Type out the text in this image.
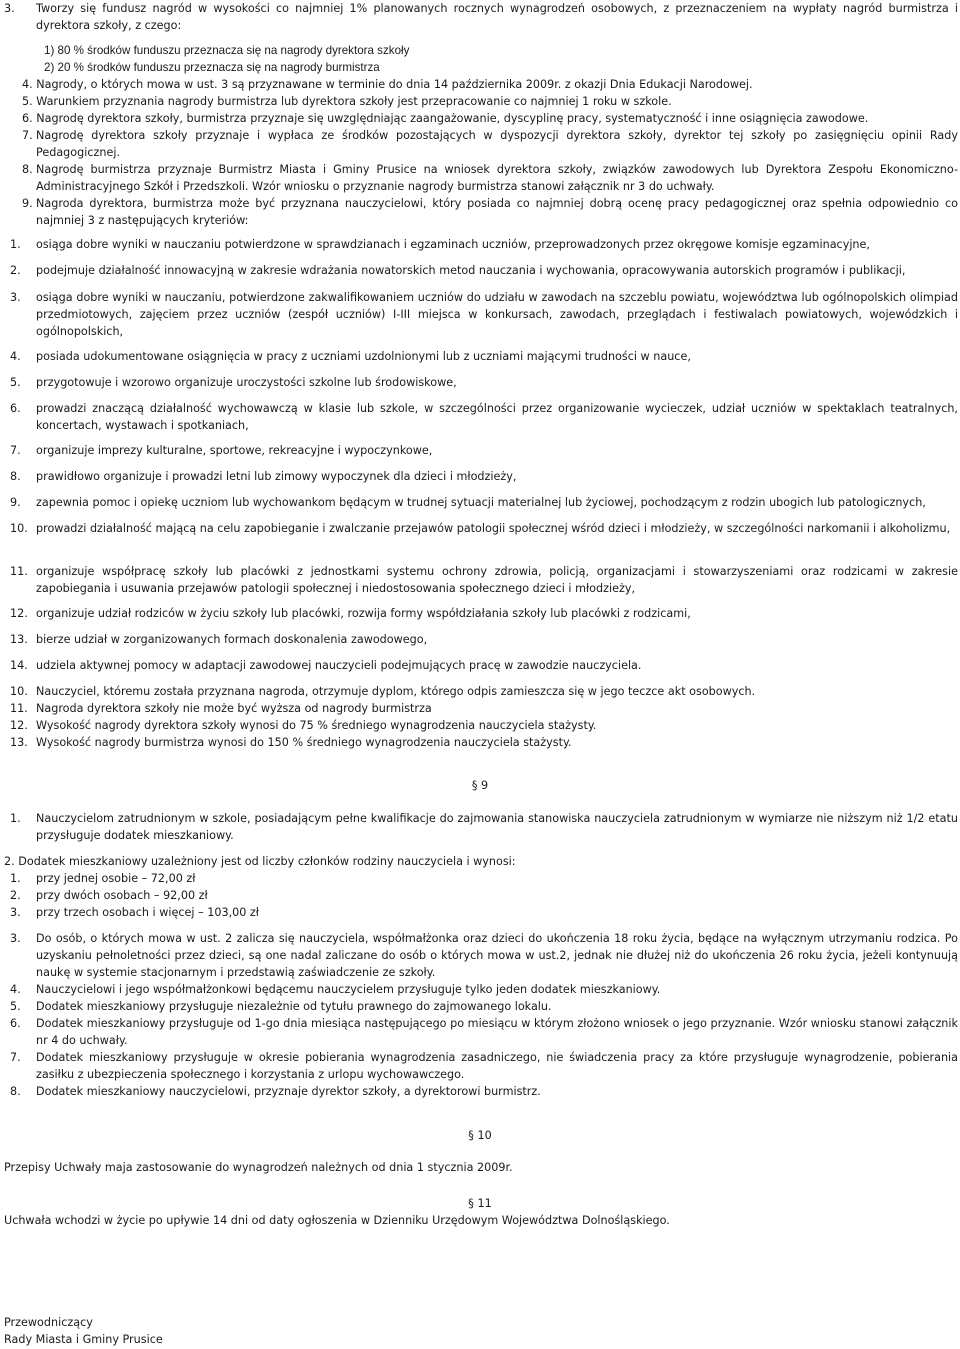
3. Tworzy się fundusz nagród w wysokości co najmniej 1% planowanych rocznych wynagrodzeń osobowych, z przeznaczeniem na wypłaty nagród burmistrza i dyrektora szkoły, z czego:
1) 80 % środków funduszu przeznacza się na nagrody dyrektora szkoły
2) 20 % środków funduszu przeznacza się na nagrody burmistrza
4. Nagrody, o których mowa w ust. 3 są przyznawane w terminie do dnia 14 października 2009r. z okazji Dnia Edukacji Narodowej.
5. Warunkiem przyznania nagrody burmistrza lub dyrektora szkoły jest przepracowanie co najmniej 1 roku w szkole.
6. Nagrodę dyrektora szkoły, burmistrza przyznaje się uwzględniając zaangażowanie, dyscyplinę pracy, systematyczność i inne osiągnięcia zawodowe.
7. Nagrodę dyrektora szkoły przyznaje i wypłaca ze środków pozostających w dyspozycji dyrektora szkoły, dyrektor tej szkoły po zasięgnięciu opinii Rady Pedagogicznej.
8. Nagrodę burmistrza przyznaje Burmistrz Miasta i Gminy Prusice na wniosek dyrektora szkoły, związków zawodowych lub Dyrektora Zespołu Ekonomiczno-Administracyjnego Szkół i Przedszkoli. Wzór wniosku o przyznanie nagrody burmistrza stanowi załącznik nr 3 do uchwały.
9. Nagroda dyrektora, burmistrza może być przyznana nauczycielowi, który posiada co najmniej dobrą ocenę pracy pedagogicznej oraz spełnia odpowiednio co najmniej 3 z następujących kryteriów:
1. osiąga dobre wyniki w nauczaniu potwierdzone w sprawdzianach i egzaminach uczniów, przeprowadzonych przez okręgowe komisje egzaminacyjne,
2. podejmuje działalność innowacyjną w zakresie wdrażania nowatorskich metod nauczania i wychowania, opracowywania autorskich programów i publikacji,
3. osiąga dobre wyniki w nauczaniu, potwierdzone zakwalifikowaniem uczniów do udziału w zawodach na szczeblu powiatu, województwa lub ogólnopolskich olimpiad przedmiotowych, zajęciem przez uczniów (zespół uczniów) I-III miejsca w konkursach, zawodach, przeglądach i festiwalach powiatowych, wojewódzkich i ogólnopolskich,
4. posiada udokumentowane osiągnięcia w pracy z uczniami uzdolnionymi lub z uczniami mającymi trudności w nauce,
5. przygotowuje i wzorowo organizuje uroczystości szkolne lub środowiskowe,
6. prowadzi znaczącą działalność wychowawczą w klasie lub szkole, w szczególności przez organizowanie wycieczek, udział uczniów w spektaklach teatralnych, koncertach, wystawach i spotkaniach,
7. organizuje imprezy kulturalne, sportowe, rekreacyjne i wypoczynkowe,
8. prawidłowo organizuje i prowadzi letni lub zimowy wypoczynek dla dzieci i młodzieży,
9. zapewnia pomoc i opiekę uczniom lub wychowankom będącym w trudnej sytuacji materialnej lub życiowej, pochodzącym z rodzin ubogich lub patologicznych,
10. prowadzi działalność mającą na celu zapobieganie i zwalczanie przejawów patologii społecznej wśród dzieci i młodzieży, w szczególności narkomanii i alkoholizmu,
11. organizuje współpracę szkoły lub placówki z jednostkami systemu ochrony zdrowia, policją, organizacjami i stowarzyszeniami oraz rodzicami w zakresie zapobiegania i usuwania przejawów patologii społecznej i niedostosowania społecznego dzieci i młodzieży,
12. organizuje udział rodziców w życiu szkoły lub placówki, rozwija formy współdziałania szkoły lub placówki z rodzicami,
13. bierze udział w zorganizowanych formach doskonalenia zawodowego,
14. udziela aktywnej pomocy w adaptacji zawodowej nauczycieli podejmujących pracę w zawodzie nauczyciela.
10. Nauczyciel, któremu została przyznana nagroda, otrzymuje dyplom, którego odpis zamieszcza się w jego teczce akt osobowych.
11. Nagroda dyrektora szkoły nie może być wyższa od nagrody burmistrza
12. Wysokość nagrody dyrektora szkoły wynosi do 75 % średniego wynagrodzenia nauczyciela stażysty.
13. Wysokość nagrody burmistrza wynosi do 150 % średniego wynagrodzenia nauczyciela stażysty.
§ 9
1. Nauczycielom zatrudnionym w szkole, posiadającym pełne kwalifikacje do zajmowania stanowiska nauczyciela zatrudnionym w wymiarze nie niższym niż 1/2 etatu przysługuje dodatek mieszkaniowy.
2. Dodatek mieszkaniowy uzależniony jest od liczby członków rodziny nauczyciela i wynosi:
1. przy jednej osobie – 72,00 zł
2. przy dwóch osobach – 92,00 zł
3. przy trzech osobach i więcej – 103,00 zł
3. Do osób, o których mowa w ust. 2 zalicza się nauczyciela, współmałżonka oraz dzieci do ukończenia 18 roku życia, będące na wyłącznym utrzymaniu rodzica. Po uzyskaniu pełnoletności przez dzieci, są one nadal zaliczane do osób o których mowa w ust.2, jednak nie dłużej niż do ukończenia 26 roku życia, jeżeli kontynuują naukę w systemie stacjonarnym i przedstawią zaświadczenie ze szkoły.
4. Nauczycielowi i jego współmałżonkowi będącemu nauczycielem przysługuje tylko jeden dodatek mieszkaniowy.
5. Dodatek mieszkaniowy przysługuje niezależnie od tytułu prawnego do zajmowanego lokalu.
6. Dodatek mieszkaniowy przysługuje od 1-go dnia miesiąca następującego po miesiącu w którym złożono wniosek o jego przyznanie. Wzór wniosku stanowi załącznik nr 4 do uchwały.
7. Dodatek mieszkaniowy przysługuje w okresie pobierania wynagrodzenia zasadniczego, nie świadczenia pracy za które przysługuje wynagrodzenie, pobierania zasiłku z ubezpieczenia społecznego i korzystania z urlopu wychowawczego.
8. Dodatek mieszkaniowy nauczycielowi, przyznaje dyrektor szkoły, a dyrektorowi burmistrz.
§ 10
Przepisy Uchwały maja zastosowanie do wynagrodzeń należnych od dnia 1 stycznia 2009r.
§ 11
Uchwała wchodzi w życie po upływie 14 dni od daty ogłoszenia w Dzienniku Urzędowym Województwa Dolnośląskiego.
Przewodniczący
Rady Miasta i Gminy Prusice
